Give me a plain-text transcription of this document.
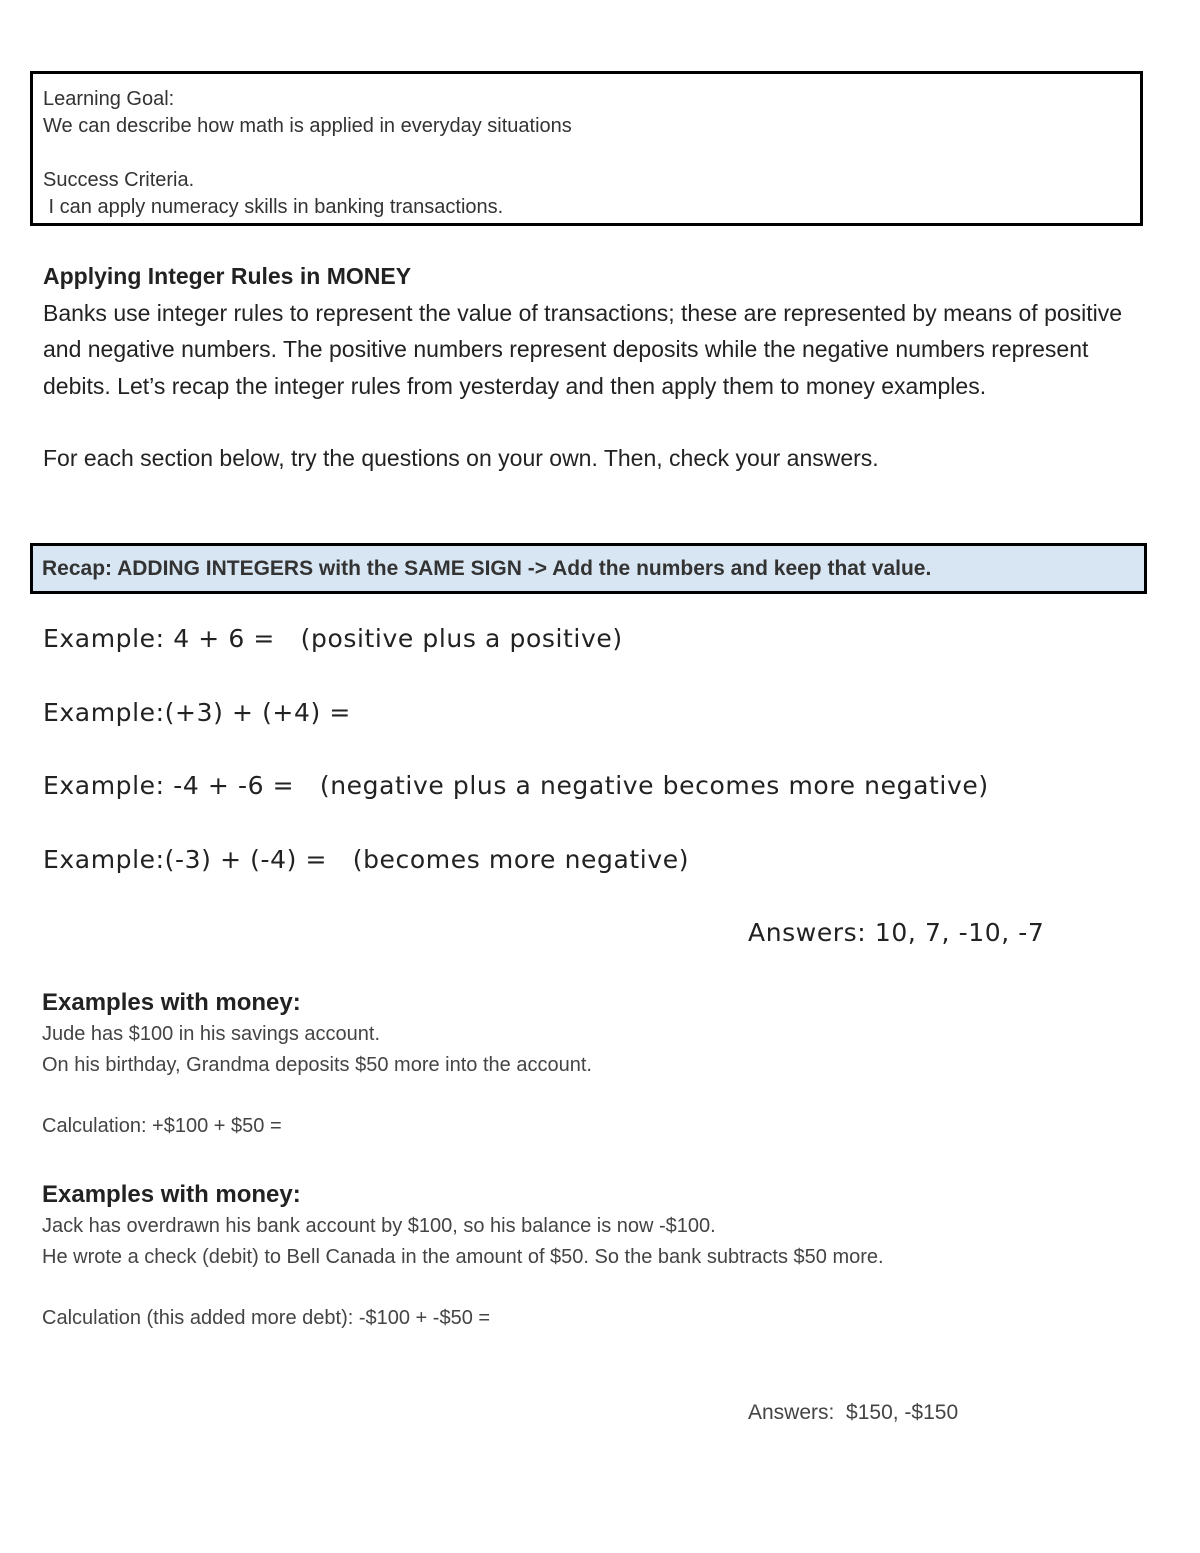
Learning Goal:
We can describe how math is applied in everyday situations
Success Criteria.
I can apply numeracy skills in banking transactions.
Applying Integer Rules in MONEY
Banks use integer rules to represent the value of transactions; these are represented by means of positive and negative numbers. The positive numbers represent deposits while the negative numbers represent debits. Let’s recap the integer rules from yesterday and then apply them to money examples.
For each section below, try the questions on your own. Then, check your answers.
Recap: ADDING INTEGERS with the SAME SIGN -> Add the numbers and keep that value.
Example: 4 + 6 =   (positive plus a positive)
Example:(+3) + (+4) =
Example: -4 + -6 =   (negative plus a negative becomes more negative)
Example:(-3) + (-4) =   (becomes more negative)
Answers: 10, 7, -10, -7
Examples with money:
Jude has $100 in his savings account.
On his birthday, Grandma deposits $50 more into the account.
Calculation: +$100 + $50 =
Examples with money:
Jack has overdrawn his bank account by $100, so his balance is now -$100.
He wrote a check (debit) to Bell Canada in the amount of $50. So the bank subtracts $50 more.
Calculation (this added more debt): -$100 + -$50 =
Answers:  $150, -$150
